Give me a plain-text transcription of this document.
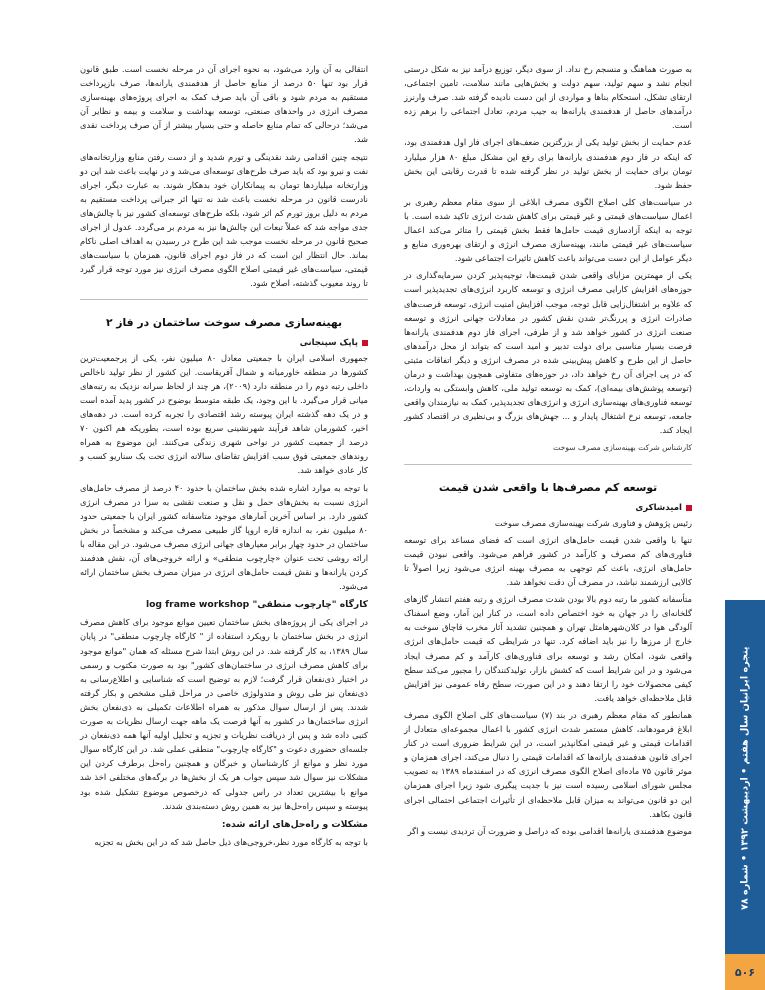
به صورت هماهنگ و منسجم رخ نداد. از سوی دیگر، توزیع درآمد نیز به شکل درستی انجام نشد و سهم تولید، سهم دولت و بخش‌هایی مانند سلامت، تامین اجتماعی، ارتقای تشکل، استحکام بناها و مواردی از این دست نادیده گرفته شد. صرف وارنرز درآمدهای حاصل از هدفمندی یارانه‌ها به جیب مردم، تعادل اجتماعی را برهم زده است.

عدم حمایت از بخش تولید یکی از بزرگترین ضعف‌های اجرای فاز اول هدفمندی بود، که اینکه در فاز دوم هدفمندی یارانه‌ها برای رفع این مشکل مبلغ ۸۰ هزار میلیارد تومان برای حمایت از بخش تولید در نظر گرفته شده تا قدرت رقابتی این بخش حفظ شود.

در سیاست‌های کلی اصلاح الگوی مصرف ابلاغی از سوی مقام معظم رهبری بر اعمال سیاست‌های قیمتی و غیر قیمتی برای کاهش شدت انرژی تاکید شده است. با توجه به اینکه آزادسازی قیمت حامل‌ها فقط بخش قیمتی را متاثر می‌کند اعمال سیاست‌های غیر قیمتی مانند، بهینه‌سازی مصرف انرژی و ارتقای بهره‌وری منابع و دیگر عوامل از این دست می‌تواند باعث کاهش تاثیرات اجتماعی شود.

یکی از مهمترین مزایای واقعی شدن قیمت‌ها، توجیه‌پذیر کردن سرمایه‌گذاری در حوزه‌های افزایش کارایی مصرف انرژی و توسعه کاربرد انرژی‌های تجدیدپذیر است که علاوه بر اشتغال‌زایی قابل توجه، موجب افزایش امنیت انرژی، توسعه فرصت‌های صادرات انرژی و پررنگ‌تر شدن نقش کشور در معادلات جهانی انرژی و توسعه صنعت انرژی در کشور خواهد شد و از طرفی، اجرای فاز دوم هدفمندی یارانه‌ها فرصت بسیار مناسبی برای دولت تدبیر و امید است که بتواند از محل درآمدهای حاصل از این طرح و کاهش پیش‌بینی شده در مصرف انرژی و دیگر اتفاقات مثبتی که در پی اجرای آن رخ خواهد داد، در حوزه‌های متفاوتی همچون بهداشت و درمان (توسعه پوشش‌های بیمه‌ای)، کمک به توسعه تولید ملی، کاهش وابستگی به واردات، توسعه فناوری‌های بهینه‌سازی انرژی و انرژی‌های تجدیدپذیر، کمک به نیازمندان واقعی جامعه، توسعه نرخ اشتغال پایدار و ... جهش‌های بزرگ و بی‌نظیری در اقتصاد کشور ایجاد کند.

کارشناس شرکت بهینه‌سازی مصرف سوخت
توسعه کم مصرف‌ها با واقعی شدن قیمت
امیدشاکری
رئیس پژوهش و فناوری شرکت بهینه‌سازی مصرف سوخت

تنها با واقعی شدن قیمت حامل‌های انرژی است که فضای مساعد برای توسعه فناوری‌های کم مصرف و کارآمد در کشور فراهم می‌شود. واقعی نبودن قیمت حامل‌های انرژی، باعث کم توجهی به مصرف بهینه انرژی می‌شود زیرا اصولاً تا کالایی ارزشمند نباشد، در مصرف آن دقت نخواهد شد.

متأسفانه کشور ما رتبه دوم بالا بودن شدت مصرف انرژی و رتبه هفتم انتشار گازهای گلخانه‌ای را در جهان به خود اختصاص داده است، در کنار این آمار، وضع اسفناک آلودگی هوا در کلان‌شهرها‌مثل تهران و همچنین تشدید آثار مخرب قاچاق سوخت به خارج از مرزها را نیز باید اضافه کرد. تنها در شرایطی که قیمت حامل‌های انرژی واقعی شود، امکان رشد و توسعه برای فناوری‌های کارآمد و کم مصرف ایجاد می‌شود و در این شرایط است که کشش بازار، تولیدکنندگان را مجبور می‌کند سطح کیفی محصولات خود را ارتقا دهند و در این صورت، سطح رفاه عمومی نیز افزایش قابل ملاحظه‌ای خواهد یافت.

همانطور که مقام معظم رهبری در بند (۷) سیاست‌های کلی اصلاح الگوی مصرف ابلاغ فرمودهاند، کاهش مستمر شدت انرژی کشور با اعمال مجموعه‌ای متعادل از اقدامات قیمتی و غیر قیمتی امکانپذیر است، در این شرایط ضروری است در کنار اجرای قانون هدفمندی یارانه‌ها که اقدامات قیمتی را دنبال می‌کند، اجرای همزمان و موثر قانون ۷۵ ماده‌ای اصلاح الگوی مصرف انرژی که در اسفندماه ۱۳۸۹ به تصویب مجلس شورای اسلامی رسیده است نیز با جدیت پیگیری شود زیرا اجرای همزمان این دو قانون می‌تواند به میزان قابل ملاحظه‌ای از تأثیرات اجتماعی احتمالی اجرای قانون بکاهد.

موضوع هدفمندی یارانه‌ها اقدامی بوده که دراصل و ضرورت آن تردیدی نیست و اگر

انتقالی به آن وارد می‌شود، به نحوه اجرای آن در مرحله نخست است. طبق قانون قرار بود تنها ۵۰ درصد از منابع حاصل از هدفمندی یارانه‌ها، صرف بازپرداخت مستقیم به مردم شود و باقی آن باید صرف کمک به اجرای پروژه‌های بهینه‌سازی مصرف انرژی در واحدهای صنعتی، توسعه بهداشت و سلامت و بیمه و نظایر آن می‌شد؛ درحالی که تمام منابع حاصله و حتی بسیار بیشتر از آن صرف پرداخت نقدی شد.

نتیجه چنین اقدامی رشد نقدینگی و تورم شدید و از دست رفتن منابع وزارتخانه‌های نفت و نیرو بود که باید صرف طرح‌های توسعه‌ای می‌شد و در نهایت باعث شد این دو وزارتخانه میلیاردها تومان به پیمانکاران خود بدهکار شوند. به عبارت دیگر، اجرای نادرست قانون در مرحله نخست باعث شد نه تنها اثر جبرانی پرداخت مستقیم به مردم به دلیل بروز تورم کم اثر شود، بلکه طرح‌های توسعه‌ای کشور نیز با چالش‌های جدی مواجه شد که عملاً تبعات این چالش‌ها نیز به مردم بر می‌گردد. عدول از اجرای صحیح قانون در مرحله نخست موجب شد این طرح در رسیدن به اهداف اصلی ناکام بماند. حال انتظار این است که در فاز دوم اجرای قانون، همزمان با سیاست‌های قیمتی، سیاست‌های غیر قیمتی اصلاح الگوی مصرف انرژی نیز مورد توجه قرار گیرد تا روند معیوب گذشته، اصلاح شود.

بهینه‌سازی مصرف سوخت ساختمان در فاز ۲
پاپک سپنجانی

جمهوری اسلامی ایران با جمعیتی معادل ۸۰ میلیون نفر، یکی از پرجمعیت‌ترین کشورها در منطقه خاورمیانه و شمال آفریقاست. این کشور از نظر تولید ناخالص داخلی رتبه دوم را در منطقه دارد (۲۰۰۹)، هر چند از لحاظ سرانه نزدیک به رتبه‌های میانی قرار می‌گیرد. با این وجود، یک طبقه متوسط بوضوح در کشور پدید آمده است و در یک دهه گذشته ایران پیوسته رشد اقتصادی را تجربه کرده است. در دهه‌های اخیر، کشورمان شاهد فرآیند شهرنشینی سریع بوده است، بطوریکه هم اکنون ۷۰ درصد از جمعیت کشور در نواحی شهری زندگی می‌کنند. این موضوع به همراه روندهای جمعیتی فوق سبب افزایش تقاضای سالانه انرژی تحت یک سناریو کسب و کار عادی خواهد شد.

با توجه به موارد اشاره شده بخش ساختمان با حدود ۴۰ درصد از مصرف حامل‌های انرژی نسبت به بخش‌های حمل و نقل و صنعت نقشی به سزا در مصرف انرژی کشور دارد. بر اساس آخرین آمارهای موجود متاسفانه کشور ایران با جمعیتی حدود ۸۰ میلیون نفر، به اندازه قاره اروپا گاز طبیعی مصرف می‌کند و مشخصاً در بخش ساختمان در حدود چهار برابر معیارهای جهانی انرژی مصرف می‌شود. در این مقاله با ارائه روشی تحت عنوان «چارچوب منطقی» و ارائه خروجی‌های آن، نقش هدفمند کردن یارانه‌ها و نقش قیمت حامل‌های انرژی در میزان مصرف بخش ساختمان ارائه می‌شود.

کارگاه "چارچوب منطقی" log frame workshop

در اجرای یکی از پروژه‌های بخش ساختمان تعیین موانع موجود برای کاهش مصرف انرژی در بخش ساختمان با رویکرد استفاده از " کارگاه چارچوب منطقی" در پایان سال ۱۳۸۹، به کار گرفته شد. در این روش ابتدا شرح مسئله که همان "موانع موجود برای کاهش مصرف انرژی در ساختمان‌های کشور" بود به صورت مکتوب و رسمی در اختیار ذی‌نفعان قرار گرفت؛ لازم به توضیح است که شناسایی و اطلاع‌رسانی به ذی‌نفعان نیز طی روش و متدولوژی خاصی در مراحل قبلی مشخص و بکار گرفته شدند. پس از ارسال سوال مذکور به همراه اطلاعات تکمیلی به ذی‌نفعان بخش انرژی ساختمان‌ها در کشور به آنها فرصت یک ماهه جهت ارسال نظریات به صورت کتبی داده شد و پس از دریافت نظریات و تجزیه و تحلیل اولیه آنها همه ذی‌نفعان در جلسه‌ای حضوری دعوت و "کارگاه چارچوب" منطقی عملی شد. در این کارگاه سوال مورد نظر و موانع از کارشناسان و خبرگان و همچنین راه‌حل برطرف کردن این مشکلات نیز سوال شد سپس جواب هر یک از بخش‌ها در برگه‌های مختلفی اخذ شد موانع با بیشترین تعداد در راس جدولی که درخصوص موضوع تشکیل شده بود پیوسته و سپس راه‌حل‌ها نیز به همین روش دسته‌بندی شدند.

مشکلات و راه‌حل‌های ارائه شده:

با توجه به کارگاه مورد نظر،خروجی‌های ذیل حاصل شد که در این بخش به تجزیه

پنجره ایرانیان سال هفتم • اردیبهشت ۱۳۹۲ • شماره ۷۸
۵۰۶
